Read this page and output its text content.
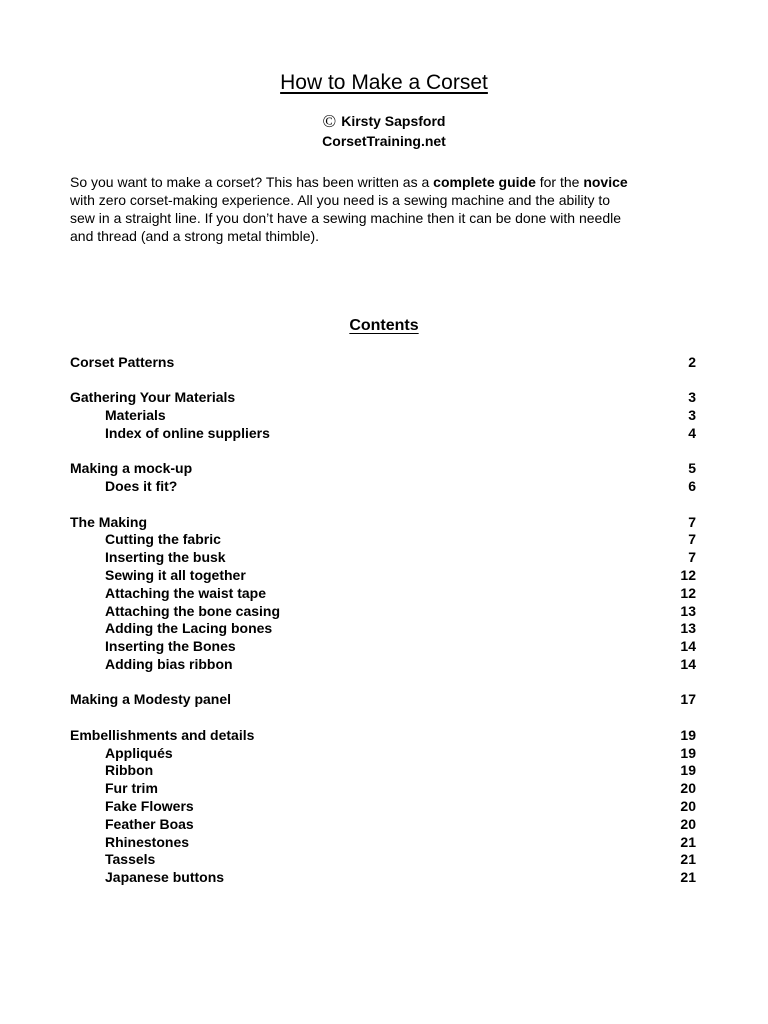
How to Make a Corset
© Kirsty Sapsford
CorsetTraining.net
So you want to make a corset? This has been written as a complete guide for the novice
with zero corset-making experience. All you need is a sewing machine and the ability to
sew in a straight line. If you don’t have a sewing machine then it can be done with needle
and thread (and a strong metal thimble).
Contents
Corset Patterns	2
Gathering Your Materials	3
Materials	3
Index of online suppliers	4
Making a mock-up	5
Does it fit?	6
The Making	7
Cutting the fabric	7
Inserting the busk	7
Sewing it all together	12
Attaching the waist tape	12
Attaching the bone casing	13
Adding the Lacing bones	13
Inserting the Bones	14
Adding bias ribbon	14
Making a Modesty panel	17
Embellishments and details	19
Appliqués	19
Ribbon	19
Fur trim	20
Fake Flowers	20
Feather Boas	20
Rhinestones	21
Tassels	21
Japanese buttons	21
